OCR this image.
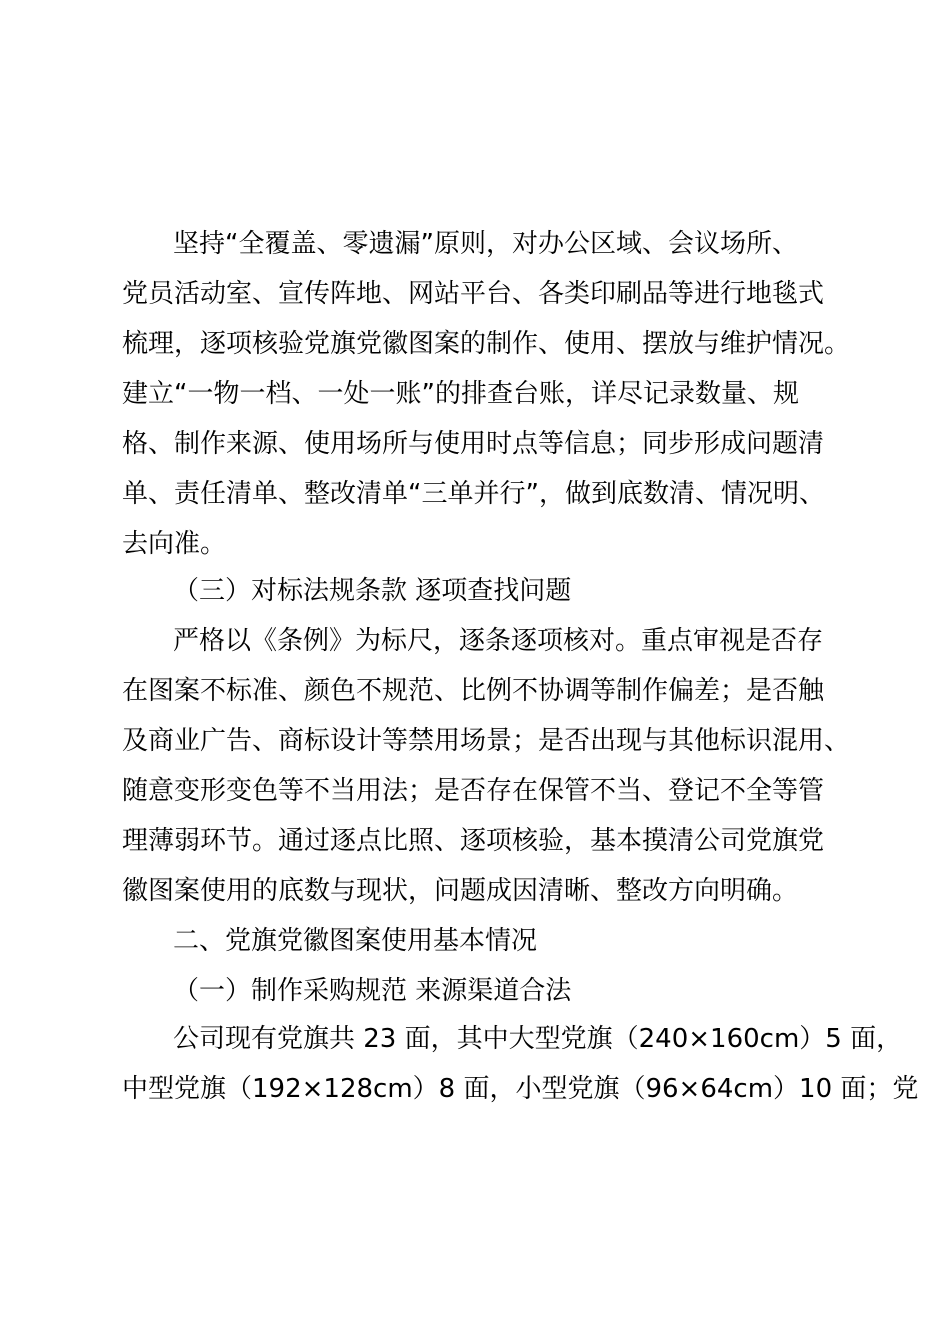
坚持“全覆盖、零遗漏”原则，对办公区域、会议场所、
党员活动室、宣传阵地、网站平台、各类印刷品等进行地毯式
梳理，逐项核验党旗党徽图案的制作、使用、摆放与维护情况。
建立“一物一档、一处一账”的排查台账，详尽记录数量、规
格、制作来源、使用场所与使用时点等信息；同步形成问题清
单、责任清单、整改清单“三单并行”，做到底数清、情况明、
去向准。
（三）对标法规条款 逐项查找问题
严格以《条例》为标尺，逐条逐项核对。重点审视是否存
在图案不标准、颜色不规范、比例不协调等制作偏差；是否触
及商业广告、商标设计等禁用场景；是否出现与其他标识混用、
随意变形变色等不当用法；是否存在保管不当、登记不全等管
理薄弱环节。通过逐点比照、逐项核验，基本摸清公司党旗党
徽图案使用的底数与现状，问题成因清晰、整改方向明确。
二、党旗党徽图案使用基本情况
（一）制作采购规范 来源渠道合法
公司现有党旗共 23 面，其中大型党旗（240×160cm）5 面，
中型党旗（192×128cm）8 面，小型党旗（96×64cm）10 面；党
